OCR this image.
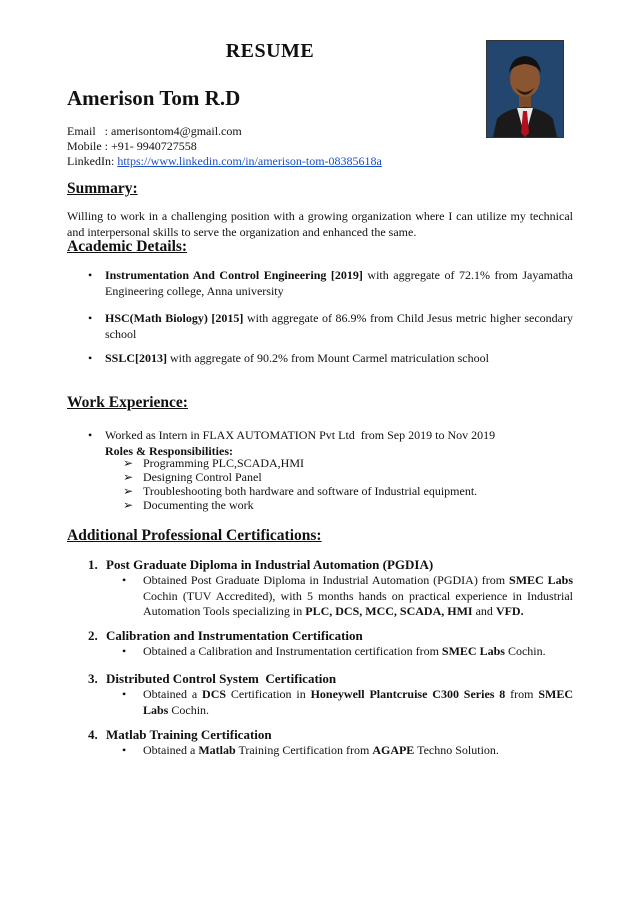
RESUME
Amerison Tom R.D
Email   : amerisontom4@gmail.com
Mobile : +91- 9940727558
LinkedIn: https://www.linkedin.com/in/amerison-tom-08385618a
Summary:
Willing to work in a challenging position with a growing organization where I can utilize my technical and interpersonal skills to serve the organization and enhanced the same.
Academic Details:
• Instrumentation And Control Engineering [2019] with aggregate of 72.1% from Jayamatha Engineering college, Anna university
• HSC(Math Biology) [2015] with aggregate of 86.9% from Child Jesus metric higher secondary school
• SSLC[2013] with aggregate of 90.2% from Mount Carmel matriculation school
Work Experience:
• Worked as Intern in FLAX AUTOMATION Pvt Ltd  from Sep 2019 to Nov 2019
Roles & Responsibilities:
➢ Programming PLC,SCADA,HMI
➢ Designing Control Panel
➢ Troubleshooting both hardware and software of Industrial equipment.
➢ Documenting the work
Additional Professional Certifications:
1. Post Graduate Diploma in Industrial Automation (PGDIA)
• Obtained Post Graduate Diploma in Industrial Automation (PGDIA) from SMEC Labs Cochin (TUV Accredited), with 5 months hands on practical experience in Industrial Automation Tools specializing in PLC, DCS, MCC, SCADA, HMI and VFD.
2. Calibration and Instrumentation Certification
• Obtained a Calibration and Instrumentation certification from SMEC Labs Cochin.
3. Distributed Control System  Certification
• Obtained a DCS Certification in Honeywell Plantcruise C300 Series 8 from SMEC Labs Cochin.
4. Matlab Training Certification
• Obtained a Matlab Training Certification from AGAPE Techno Solution.
